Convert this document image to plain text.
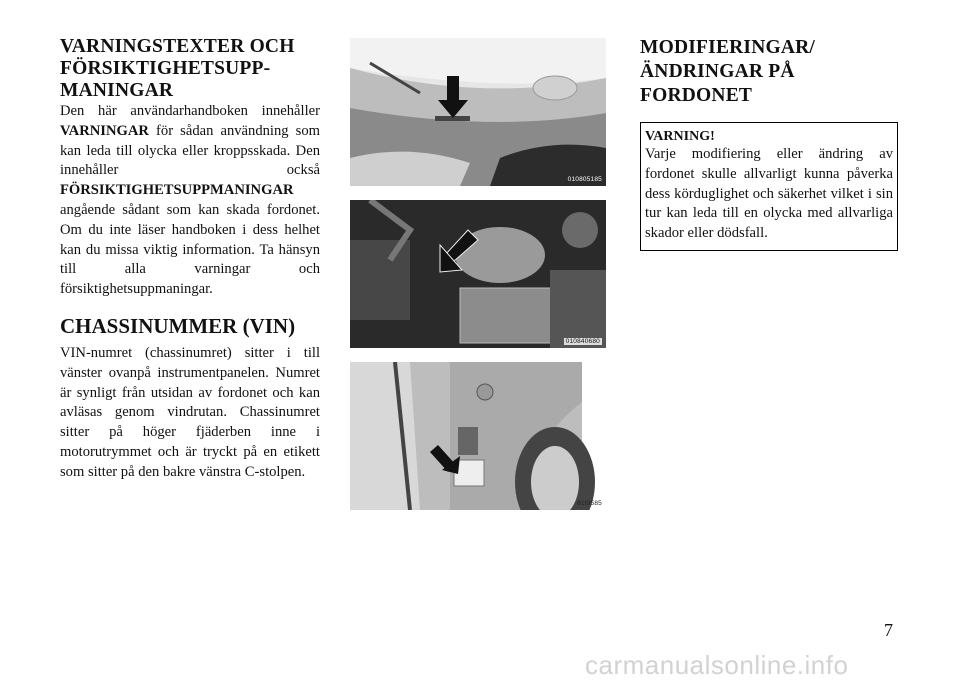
VARNINGSTEXTER OCH FÖRSIKTIGHETSUPP-MANINGAR

Den här användarhandboken innehåller VARNINGAR för sådan användning som kan leda till olycka eller kroppsskada. Den innehåller också FÖRSIKTIGHETSUPPMANINGAR angående sådant som kan skada fordonet. Om du inte läser handboken i dess helhet kan du missa viktig information. Ta hänsyn till alla varningar och försiktighetsuppmaningar.

CHASSINUMMER (VIN)

VIN-numret (chassinumret) sitter i till vänster ovanpå instrumentpanelen. Numret är synligt från utsidan av fordonet och kan avläsas genom vindrutan. Chassinumret sitter på höger fjäderben inne i motorutrymmet och är tryckt på en etikett som sitter på den bakre vänstra C-stolpen.

010805185
010840680
81f9585
MODIFIERINGAR/ ÄNDRINGAR PÅ FORDONET
VARNING!

Varje modifiering eller ändring av fordonet skulle allvarligt kunna påverka dess körduglighet och säkerhet vilket i sin tur kan leda till en olycka med allvarliga skador eller dödsfall.

7
carmanualsonline.info
